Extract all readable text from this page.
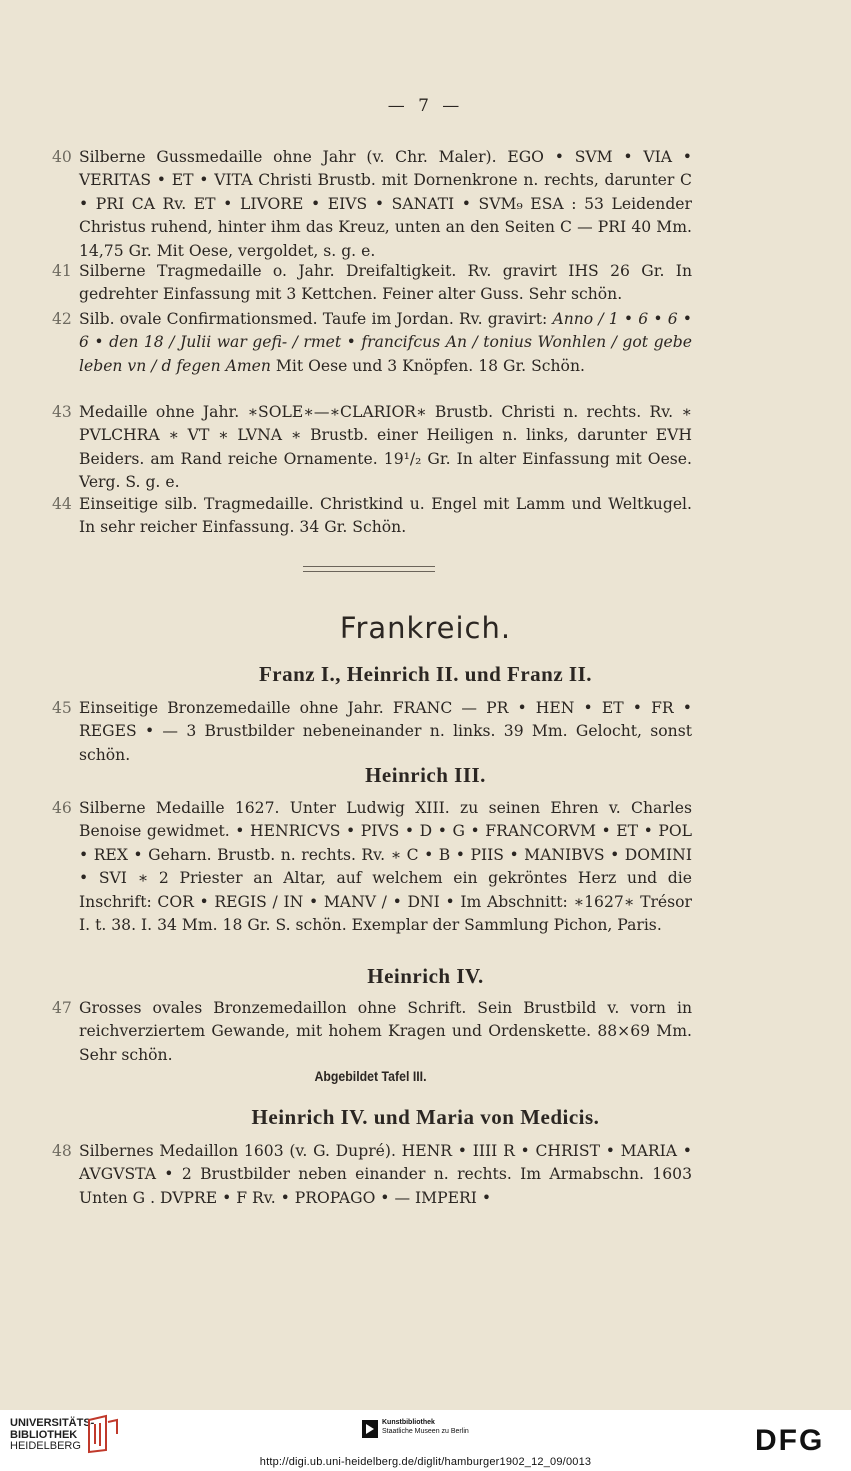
— 7 —
40 Silberne Gussmedaille ohne Jahr (v. Chr. Maler). EGO • SVM • VIA • VERITAS • ET • VITA Christi Brustb. mit Dornenkrone n. rechts, darunter C • PRI CA Rv. ET • LIVORE • EIVS • SANATI • SVM₉ ESA : 53 Leidender Christus ruhend, hinter ihm das Kreuz, unten an den Seiten C — PRI 40 Mm. 14,75 Gr. Mit Oese, vergoldet, s. g. e.
41 Silberne Tragmedaille o. Jahr. Dreifaltigkeit. Rv. gravirt IHS 26 Gr. In gedrehter Einfassung mit 3 Kettchen. Feiner alter Guss. Sehr schön.
42 Silb. ovale Confirmationsmed. Taufe im Jordan. Rv. gravirt: Anno / 1 • 6 • 6 • 6 • den 18 / Julii war gefi- / rmet • francifcus An / tonius Wonhlen / got gebe leben vn / d fegen Amen Mit Oese und 3 Knöpfen. 18 Gr. Schön.
43 Medaille ohne Jahr. ∗SOLE∗—∗CLARIOR∗ Brustb. Christi n. rechts. Rv. ∗ PVLCHRA ∗ VT ∗ LVNA ∗ Brustb. einer Heiligen n. links, darunter EVH Beiders. am Rand reiche Ornamente. 19¹/₂ Gr. In alter Einfassung mit Oese. Verg. S. g. e.
44 Einseitige silb. Tragmedaille. Christkind u. Engel mit Lamm und Weltkugel. In sehr reicher Einfassung. 34 Gr. Schön.
Frankreich.
Franz I., Heinrich II. und Franz II.
45 Einseitige Bronzemedaille ohne Jahr. FRANC — PR • HEN • ET • FR • REGES • — 3 Brustbilder nebeneinander n. links. 39 Mm. Gelocht, sonst schön.
Heinrich III.
46 Silberne Medaille 1627. Unter Ludwig XIII. zu seinen Ehren v. Charles Benoise gewidmet. • HENRICVS • PIVS • D • G • FRANCORVM • ET • POL • REX • Geharn. Brustb. n. rechts. Rv. ∗ C • B • PIIS • MANIBVS • DOMINI • SVI ∗ 2 Priester an Altar, auf welchem ein gekröntes Herz und die Inschrift: COR • REGIS / IN • MANV / • DNI • Im Abschnitt: ∗1627∗ Trésor I. t. 38. I. 34 Mm. 18 Gr. S. schön. Exemplar der Sammlung Pichon, Paris.
Heinrich IV.
47 Grosses ovales Bronzemedaillon ohne Schrift. Sein Brustbild v. vorn in reichverziertem Gewande, mit hohem Kragen und Ordenskette. 88×69 Mm. Sehr schön.
Abgebildet Tafel III.
Heinrich IV. und Maria von Medicis.
48 Silbernes Medaillon 1603 (v. G. Dupré). HENR • IIII R • CHRIST • MARIA • AVGVSTA • 2 Brustbilder neben einander n. rechts. Im Armabschn. 1603 Unten G . DVPRE • F Rv. • PROPAGO • — IMPERI •
UNIVERSITÄTS-
BIBLIOTHEK
HEIDELBERG
Kunstbibliothek
Staatliche Museen zu Berlin	DFG
http://digi.ub.uni-heidelberg.de/diglit/hamburger1902_12_09/0013
